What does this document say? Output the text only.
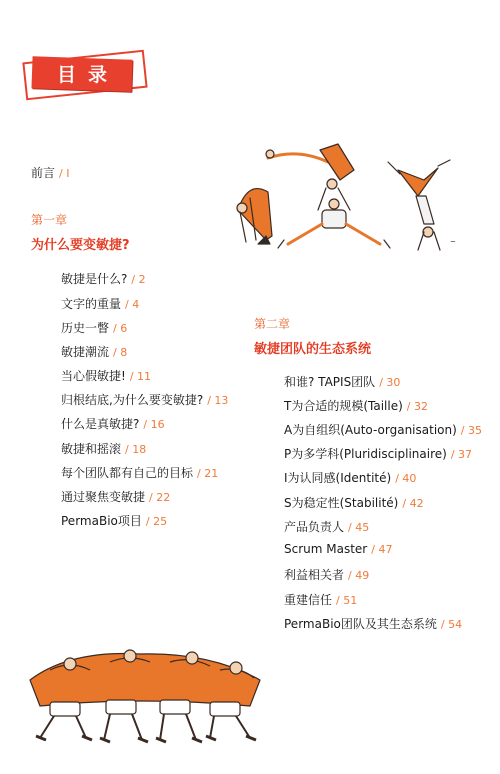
目录
前言 / I
第一章
为什么要变敏捷?
敏捷是什么? / 2
文字的重量 / 4
历史一瞥 / 6
敏捷潮流 / 8
当心假敏捷! / 11
归根结底,为什么要变敏捷? / 13
什么是真敏捷? / 16
敏捷和摇滚 / 18
每个团队都有自己的目标 / 21
通过聚焦变敏捷 / 22
PermaBio项目 / 25
第二章
敏捷团队的生态系统
和谁? TAPIS团队 / 30
T为合适的规模(Taille) / 32
A为自组织(Auto-organisation) / 35
P为多学科(Pluridisciplinaire) / 37
I为认同感(Identité) / 40
S为稳定性(Stabilité) / 42
产品负责人 / 45
Scrum Master / 47
利益相关者 / 49
重建信任 / 51
PermaBio团队及其生态系统 / 54
~
